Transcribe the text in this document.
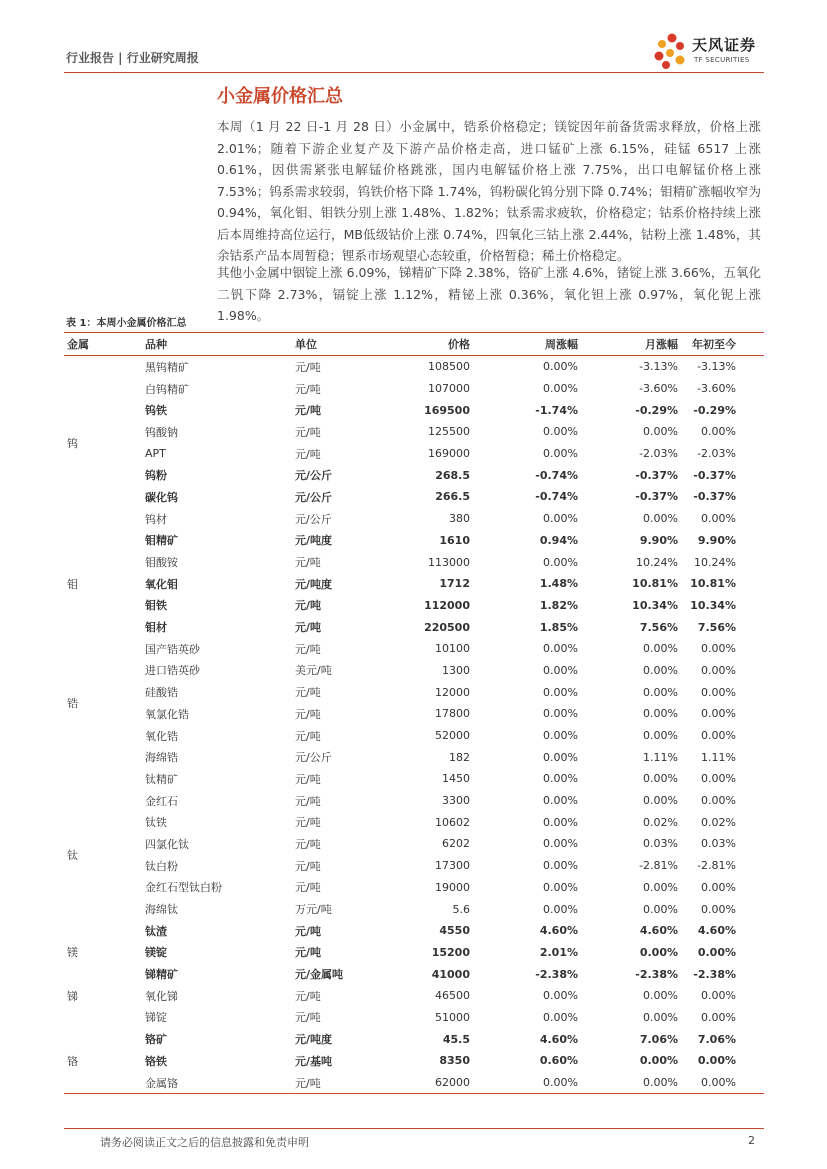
行业报告 | 行业研究周报
天风证券
TF SECURITIES
小金属价格汇总

本周（1 月 22 日-1 月 28 日）小金属中，锆系价格稳定；镁锭因年前备货需求释放，价格上涨 2.01%；随着下游企业复产及下游产品价格走高，进口锰矿上涨 6.15%，硅锰 6517 上涨 0.61%，因供需紧张电解锰价格跳涨，国内电解锰价格上涨 7.75%，出口电解锰价格上涨 7.53%；钨系需求较弱，钨铁价格下降 1.74%，钨粉碳化钨分别下降 0.74%；钼精矿涨幅收窄为 0.94%，氧化钼、钼铁分别上涨 1.48%、1.82%；钛系需求疲软，价格稳定；钴系价格持续上涨后本周维持高位运行，MB低级钴价上涨 0.74%，四氧化三钴上涨 2.44%，钴粉上涨 1.48%，其余钴系产品本周暂稳；锂系市场观望心态较重，价格暂稳；稀土价格稳定。

其他小金属中铟锭上涨 6.09%，锑精矿下降 2.38%，铬矿上涨 4.6%，锗锭上涨 3.66%，五氧化二钒下降 2.73%，镉锭上涨 1.12%，精铋上涨 0.36%，氧化钽上涨 0.97%，氧化铌上涨 1.98%。

表 1：本周小金属价格汇总
金属	品种	单位	价格	周涨幅	月涨幅	年初至今
钨	黑钨精矿	元/吨	108500	0.00%	-3.13%	-3.13%
	白钨精矿	元/吨	107000	0.00%	-3.60%	-3.60%
	钨铁	元/吨	169500	-1.74%	-0.29%	-0.29%
	钨酸钠	元/吨	125500	0.00%	0.00%	0.00%
	APT	元/吨	169000	0.00%	-2.03%	-2.03%
	钨粉	元/公斤	268.5	-0.74%	-0.37%	-0.37%
	碳化钨	元/公斤	266.5	-0.74%	-0.37%	-0.37%
	钨材	元/公斤	380	0.00%	0.00%	0.00%
钼	钼精矿	元/吨度	1610	0.94%	9.90%	9.90%
	钼酸铵	元/吨	113000	0.00%	10.24%	10.24%
	氧化钼	元/吨度	1712	1.48%	10.81%	10.81%
	钼铁	元/吨	112000	1.82%	10.34%	10.34%
	钼材	元/吨	220500	1.85%	7.56%	7.56%
锆	国产锆英砂	元/吨	10100	0.00%	0.00%	0.00%
	进口锆英砂	美元/吨	1300	0.00%	0.00%	0.00%
	硅酸锆	元/吨	12000	0.00%	0.00%	0.00%
	氧氯化锆	元/吨	17800	0.00%	0.00%	0.00%
	氧化锆	元/吨	52000	0.00%	0.00%	0.00%
	海绵锆	元/公斤	182	0.00%	1.11%	1.11%
钛	钛精矿	元/吨	1450	0.00%	0.00%	0.00%
	金红石	元/吨	3300	0.00%	0.00%	0.00%
	钛铁	元/吨	10602	0.00%	0.02%	0.02%
	四氯化钛	元/吨	6202	0.00%	0.03%	0.03%
	钛白粉	元/吨	17300	0.00%	-2.81%	-2.81%
	金红石型钛白粉	元/吨	19000	0.00%	0.00%	0.00%
	海绵钛	万元/吨	5.6	0.00%	0.00%	0.00%
	钛渣	元/吨	4550	4.60%	4.60%	4.60%
镁	镁锭	元/吨	15200	2.01%	0.00%	0.00%
锑	锑精矿	元/金属吨	41000	-2.38%	-2.38%	-2.38%
	氧化锑	元/吨	46500	0.00%	0.00%	0.00%
	锑锭	元/吨	51000	0.00%	0.00%	0.00%
铬	铬矿	元/吨度	45.5	4.60%	7.06%	7.06%
	铬铁	元/基吨	8350	0.60%	0.00%	0.00%
	金属铬	元/吨	62000	0.00%	0.00%	0.00%
请务必阅读正文之后的信息披露和免责申明	2
